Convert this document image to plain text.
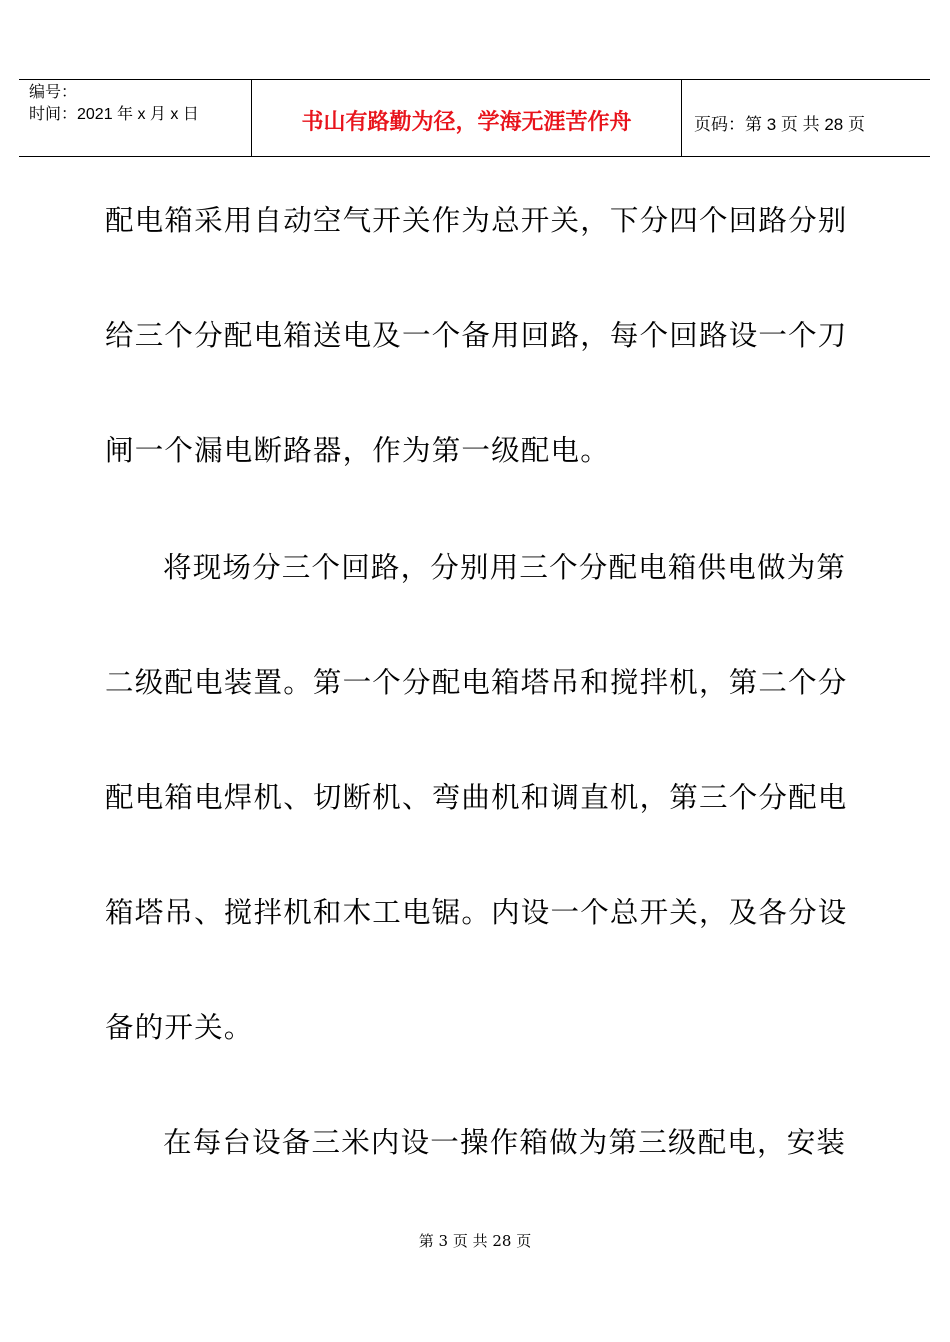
编号：
时间：2021 年 x 月 x 日	书山有路勤为径，学海无涯苦作舟	页码：第 3 页 共 28 页
配电箱采用自动空气开关作为总开关，下分四个回路分别
给三个分配电箱送电及一个备用回路，每个回路设一个刀
闸一个漏电断路器，作为第一级配电。
将现场分三个回路，分别用三个分配电箱供电做为第
二级配电装置。第一个分配电箱塔吊和搅拌机，第二个分
配电箱电焊机、切断机、弯曲机和调直机，第三个分配电
箱塔吊、搅拌机和木工电锯。内设一个总开关，及各分设
备的开关。
在每台设备三米内设一操作箱做为第三级配电，安装
第 3 页 共 28 页
